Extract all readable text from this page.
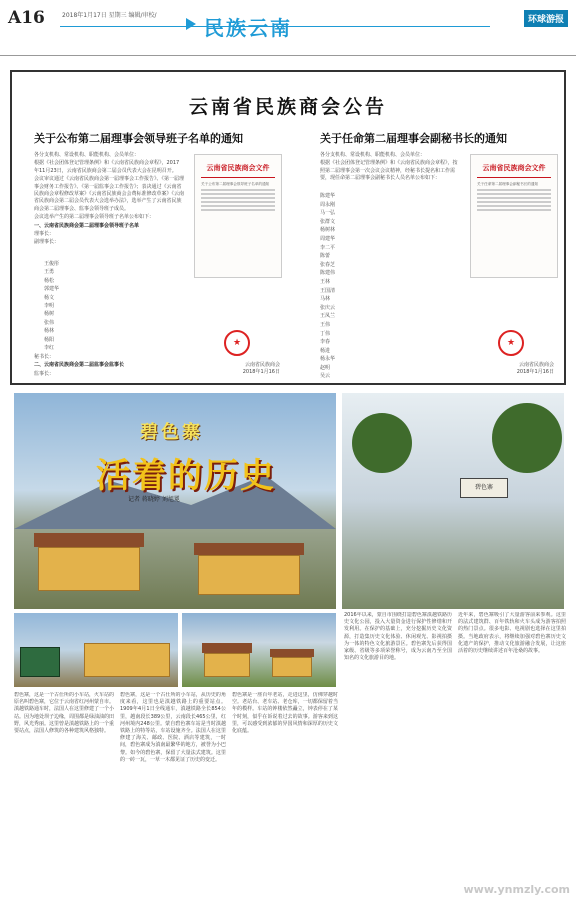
A16	2018年1月17日 星期三 编辑/审校/
民族云南	环球游报
云南省民族商会公告
关于公布第二届理事会领导班子名单的通知	关于任命第二届理事会副秘书长的通知

各分支机构、常设机构、职能机构、会员单位：

根据《社会团体登记管理条例》和《云南省民族商会章程》，2017年11月23日，云南省民族商会第二届会员代表大会在昆明召开。

会议审议通过《云南省民族商会第一届理事会工作报告》、《第一届理事会财务工作报告》、《第一届监事会工作报告》；表决通过《云南省民族商会章程修改草案》《云南省民族商会会费标准修改草案》《云南省民族商会第二届会员代表大会选举办法》，选举产生了云南省民族商会第二届理事会、监事会领导班子成员。

会议选举产生的第二届理事会领导班子名单公布如下：

一、云南省民族商会第二届理事会领导班子名单

理事长：

副理事长：

王俊彤
王勇
杨松
郭建华
杨文
李明
杨树
张伟
杨林
杨阳
李红

秘书长：

二、云南省民族商会第二届监事会监事长

监事长：

云南省民族商会文件
关于公布第二届理事会领导班子名单的通知
★
云南省民族商会
2018年1月16日

各分支机构、常设机构、职能机构、会员单位：

根据《社会团体登记管理条例》和《云南省民族商会章程》，按照第二届理事会第一次会议会议精神，经秘书长提名和工作需要，现任命第二届理事会副秘书长人员名单公布如下：

陈建华
周永刚
马一弘
张群文
杨树林
周建华
李二平
陈蕾
张春芝
陈建伟
王林
王国清
马林
张庆云
王凤兰
王伟
丁伟
李春
杨进
杨永华
赵明
吴云
云南省民族商会文件
关于任命第二届理事会副秘书长的通知
★
云南省民族商会
2018年1月16日
碧色寨
活着的历史
记者 蒋晓婷 刘旭冕
碧色寨
碧色寨，这是一个古仕所的小车站，火车站的原名叫碧色寨，它位于云南省红河州蒙自市。滇越铁路通车时，法国人在这里修建了一个小站。因为地处坝子边缘，周围都是绿油油的田野，风光秀丽。这里曾是滇越铁路上的一个重要站点，法国人修筑的各种建筑风格独特。
碧色寨，这是一个古仕所的小车站，从历史的角度来看，这里也是滇越铁路上的重要站点。1909年4月1日全线通车，滇越铁路全长854公里，越南段长389公里，云南段长465公里，红河州境内248公里。蒙自碧色寨车站是当时滇越铁路上的特等站，车站设施齐全。法国人在这里修建了海关、邮政、医院、酒店等建筑，一时间，碧色寨成为滇南最繁华的地方，被誉为小巴黎。如今的碧色寨，保留了大量法式建筑。这里的一砖一瓦，一草一木都见证了历史的变迁。
碧色寨是一座百年老站，走进这里，仿佛穿越时空。老站台、老车站、老仓库，一切都保留着当年的模样。车站的钟楼依然矗立，钟表停在了某个时刻，似乎在诉说着过去的故事。游客来到这里，可以感受到浓郁的异国风情和深厚的历史文化底蕴。
2016年以来，蒙自市围绕打造碧色寨滇越铁路历史文化公园，投入大量资金进行保护性修缮和开发利用。在保护的基础上，充分挖掘历史文化资源，打造集历史文化体验、休闲观光、影视拍摄为一体的特色文化旅游景区。碧色寨先后获得国家级、省级等多项荣誉称号，成为云南乃至全国知名的文化旅游目的地。
近年来，碧色寨吸引了大量游客前来参观。这里的法式建筑群、百年铁轨和火车头成为游客拍照的热门景点。很多电影、电视剧也选择在这里拍摄。当地政府表示，将继续加强对碧色寨历史文化遗产的保护，推动文化旅游融合发展，让这座活着的历史继续讲述百年沧桑的故事。
www.ynmzly.com
